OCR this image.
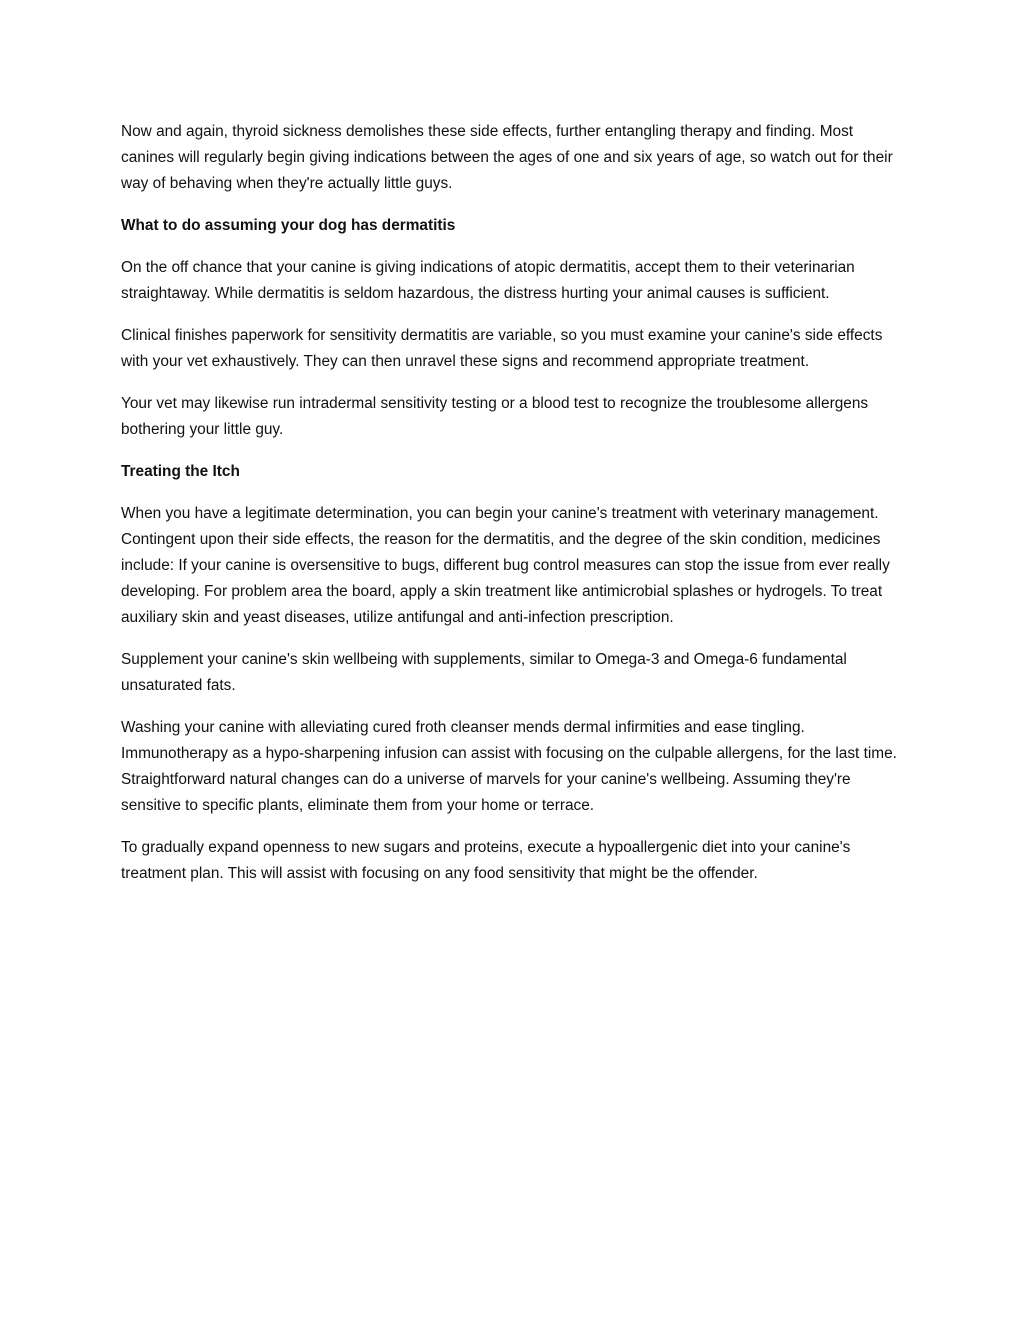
Now and again, thyroid sickness demolishes these side effects, further entangling therapy and finding. Most canines will regularly begin giving indications between the ages of one and six years of age, so watch out for their way of behaving when they're actually little guys.

What to do assuming your dog has dermatitis

On the off chance that your canine is giving indications of atopic dermatitis, accept them to their veterinarian straightaway. While dermatitis is seldom hazardous, the distress hurting your animal causes is sufficient.

Clinical finishes paperwork for sensitivity dermatitis are variable, so you must examine your canine's side effects with your vet exhaustively. They can then unravel these signs and recommend appropriate treatment.

Your vet may likewise run intradermal sensitivity testing or a blood test to recognize the troublesome allergens bothering your little guy.

Treating the Itch

When you have a legitimate determination, you can begin your canine's treatment with veterinary management. Contingent upon their side effects, the reason for the dermatitis, and the degree of the skin condition, medicines include: If your canine is oversensitive to bugs, different bug control measures can stop the issue from ever really developing. For problem area the board, apply a skin treatment like antimicrobial splashes or hydrogels. To treat auxiliary skin and yeast diseases, utilize antifungal and anti-infection prescription.

Supplement your canine's skin wellbeing with supplements, similar to Omega-3 and Omega-6 fundamental unsaturated fats.

Washing your canine with alleviating cured froth cleanser mends dermal infirmities and ease tingling. Immunotherapy as a hypo-sharpening infusion can assist with focusing on the culpable allergens, for the last time. Straightforward natural changes can do a universe of marvels for your canine's wellbeing. Assuming they're sensitive to specific plants, eliminate them from your home or terrace.

To gradually expand openness to new sugars and proteins, execute a hypoallergenic diet into your canine's treatment plan. This will assist with focusing on any food sensitivity that might be the offender.
